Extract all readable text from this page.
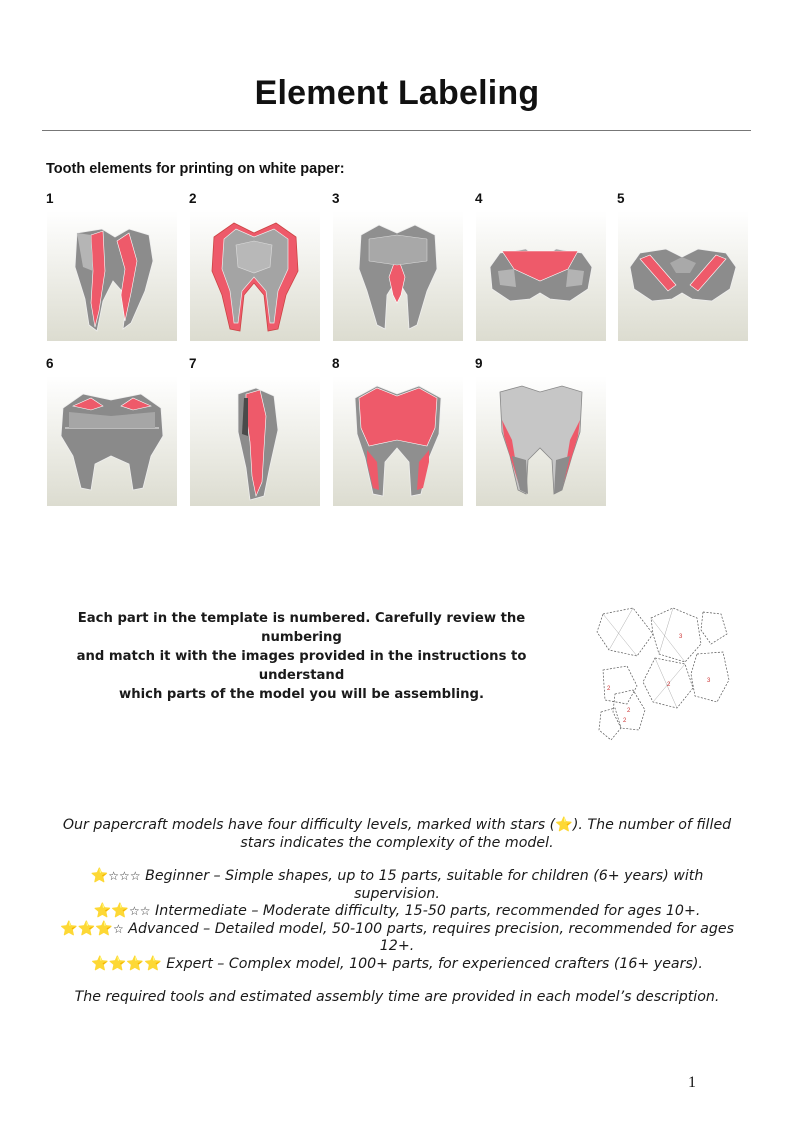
Element Labeling
Tooth elements for printing on white paper:
1	2	3	4	5
6	7	8	9
Each part in the template is numbered. Carefully review the numbering
and match it with the images provided in the instructions to understand
which parts of the model you will be assembling.
3
3
2
2
2
2

Our papercraft models have four difficulty levels, marked with stars (⭐). The number of filled
stars indicates the complexity of the model.

⭐☆☆☆ Beginner – Simple shapes, up to 15 parts, suitable for children (6+ years) with
supervision.

⭐⭐☆☆ Intermediate – Moderate difficulty, 15-50 parts, recommended for ages 10+.

⭐⭐⭐☆ Advanced – Detailed model, 50-100 parts, requires precision, recommended for ages
12+.

⭐⭐⭐⭐ Expert – Complex model, 100+ parts, for experienced crafters (16+ years).

The required tools and estimated assembly time are provided in each model’s description.

1
